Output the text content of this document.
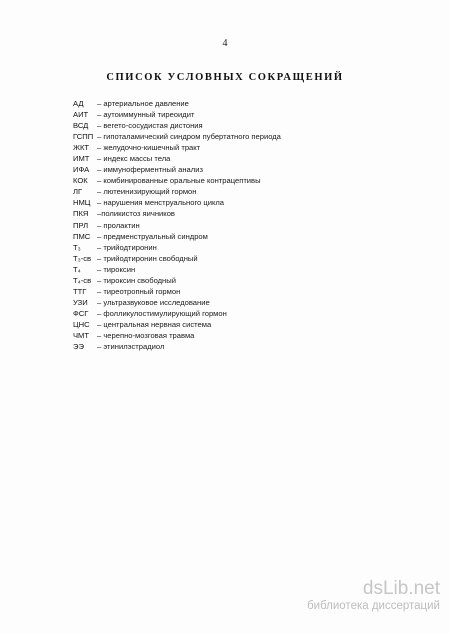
4
СПИСОК УСЛОВНЫХ СОКРАЩЕНИЙ
АД	– артериальное давление
АИТ	– аутоиммунный тиреоидит
ВСД	– вегето-сосудистая дистония
ГСПП – гипоталамический синдром пубертатного периода
ЖКТ	– желудочно-кишечный тракт
ИМТ – индекс массы тела
ИФА	– иммуноферментный анализ
КОК	– комбинированные оральные контрацептивы
ЛГ	– лютеинизирующий гормон
НМЦ – нарушения менструального цикла
ПКЯ	–поликистоз яичников
ПРЛ	– пролактин
ПМС – предменструальный синдром
Т₃	– трийодтиронин
Т₃-св – трийодтиронин свободный
Т₄	– тироксин
Т₄-св – тироксин свободный
ТТГ	– тиреотропный гормон
УЗИ	– ультразвуковое исследование
ФСГ	– фолликулостимулирующий гормон
ЦНС – центральная нервная система
ЧМТ	– черепно-мозговая травма
ЭЭ	– этинилэстрадиол
dsLib.net
библиотека диссертаций
